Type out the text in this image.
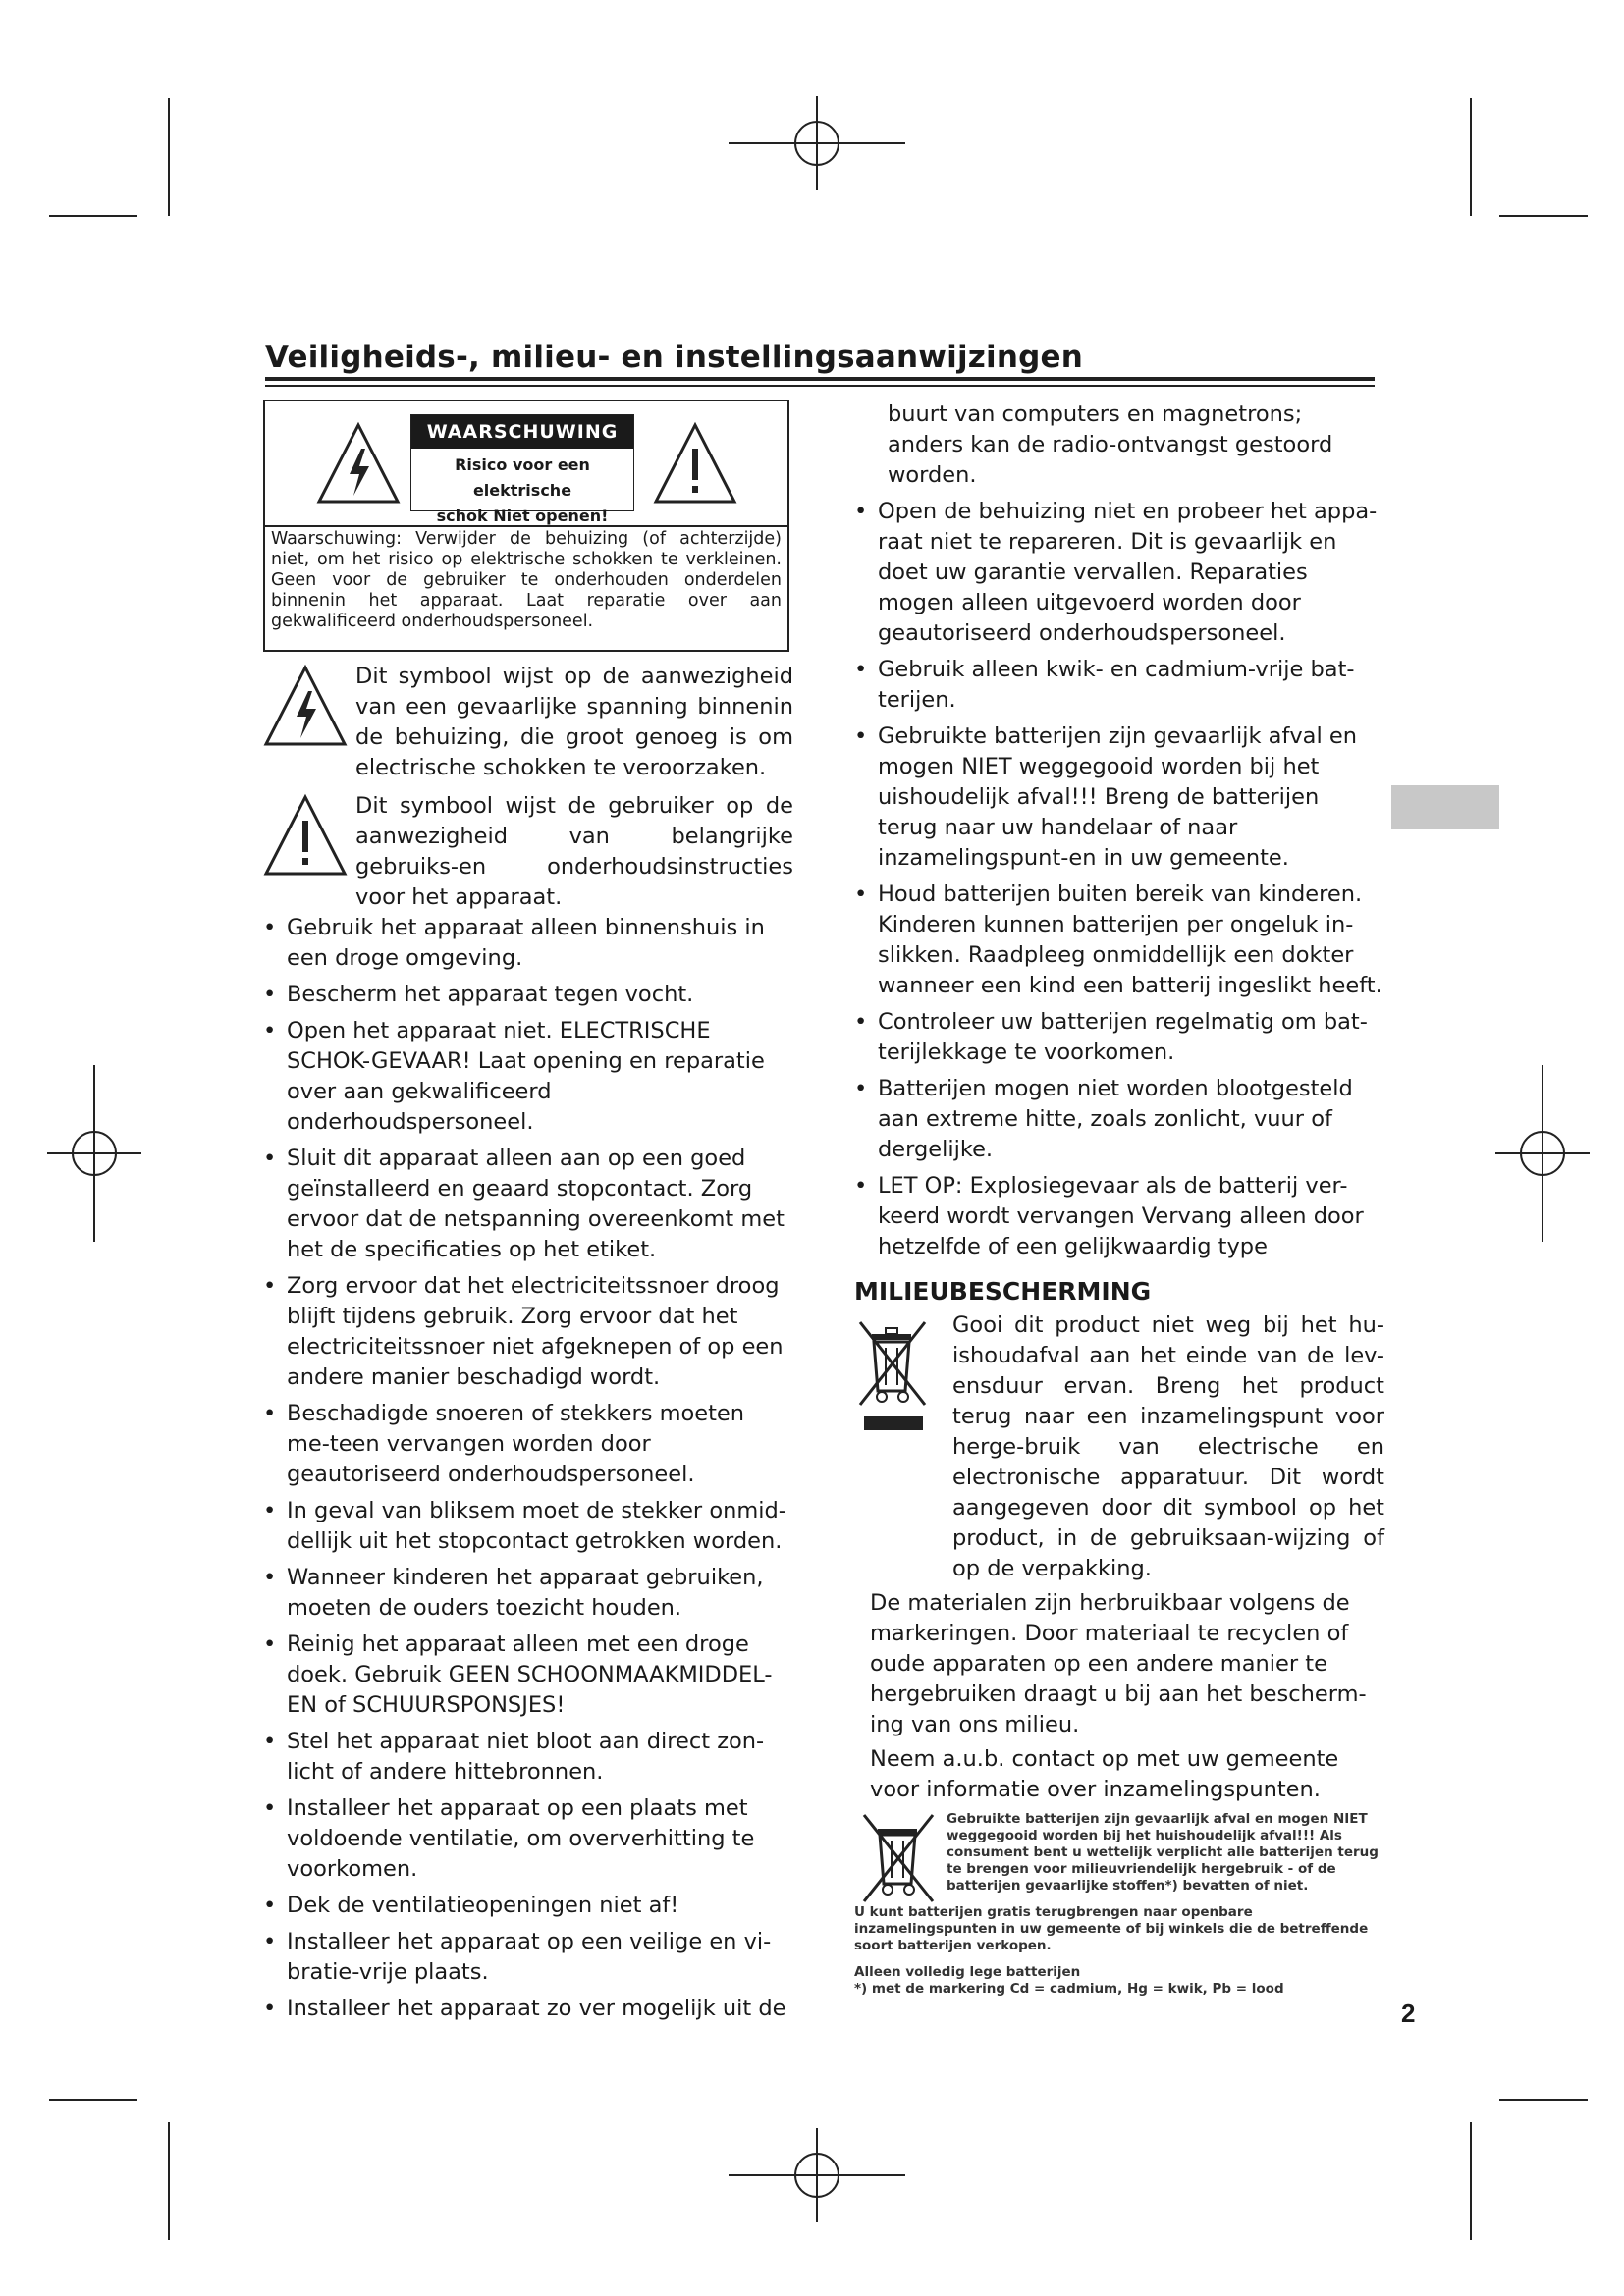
Veiligheids-, milieu- en instellingsaanwijzingen
WAARSCHUWING
Risico voor een elektrische
schok Niet openen!
Waarschuwing: Verwijder de behuizing (of achterzijde) niet, om het risico op elektrische schokken te verkleinen. Geen voor de gebruiker te onderhouden onderdelen binnenin het apparaat. Laat reparatie over aan gekwalificeerd onderhoudspersoneel.
Dit symbool wijst op de aanwezigheid van een gevaarlijke spanning binnenin de behuizing, die groot genoeg is om electrische schokken te veroorzaken.
Dit symbool wijst de gebruiker op de aanwezigheid van belangrijke gebruiks-en onderhoudsinstructies voor het apparaat.
• Gebruik het apparaat alleen binnenshuis in een droge omgeving.
• Bescherm het apparaat tegen vocht.
• Open het apparaat niet. ELECTRISCHE SCHOK-GEVAAR! Laat opening en reparatie over aan gekwalificeerd onderhoudspersoneel.
• Sluit dit apparaat alleen aan op een goed geïnstalleerd en geaard stopcontact. Zorg ervoor dat de netspanning overeenkomt met het de specificaties op het etiket.
• Zorg ervoor dat het electriciteitssnoer droog blijft tijdens gebruik. Zorg ervoor dat het electriciteitssnoer niet afgeknepen of op een andere manier beschadigd wordt.
• Beschadigde snoeren of stekkers moeten me-teen vervangen worden door geautoriseerd onderhoudspersoneel.
• In geval van bliksem moet de stekker onmid-dellijk uit het stopcontact getrokken worden.
• Wanneer kinderen het apparaat gebruiken, moeten de ouders toezicht houden.
• Reinig het apparaat alleen met een droge doek. Gebruik GEEN SCHOONMAAKMIDDEL-EN of SCHUURSPONSJES!
• Stel het apparaat niet bloot aan direct zon-licht of andere hittebronnen.
• Installeer het apparaat op een plaats met voldoende ventilatie, om oververhitting te voorkomen.
• Dek de ventilatieopeningen niet af!
• Installeer het apparaat op een veilige en vi-bratie-vrije plaats.
• Installeer het apparaat zo ver mogelijk uit de
buurt van computers en magnetrons; anders kan de radio-ontvangst gestoord worden.
• Open de behuizing niet en probeer het appa-raat niet te repareren. Dit is gevaarlijk en doet uw garantie vervallen. Reparaties mogen alleen uitgevoerd worden door geautoriseerd onderhoudspersoneel.
• Gebruik alleen kwik- en cadmium-vrije bat-terijen.
• Gebruikte batterijen zijn gevaarlijk afval en mogen NIET weggegooid worden bij het uishoudelijk afval!!! Breng de batterijen terug naar uw handelaar of naar inzamelingspunt-en in uw gemeente.
• Houd batterijen buiten bereik van kinderen. Kinderen kunnen batterijen per ongeluk in-slikken. Raadpleeg onmiddellijk een dokter wanneer een kind een batterij ingeslikt heeft.
• Controleer uw batterijen regelmatig om bat-terijlekkage te voorkomen.
• Batterijen mogen niet worden blootgesteld aan extreme hitte, zoals zonlicht, vuur of dergelijke.
• LET OP: Explosiegevaar als de batterij ver-keerd wordt vervangen Vervang alleen door hetzelfde of een gelijkwaardig type
MILIEUBESCHERMING
Gooi dit product niet weg bij het hu-ishoudafval aan het einde van de lev-ensduur ervan. Breng het product terug naar een inzamelingspunt voor herge-bruik van electrische en electronische apparatuur. Dit wordt aangegeven door dit symbool op het product, in de gebruiksaan-wijzing of op de verpakking.
De materialen zijn herbruikbaar volgens de markeringen. Door materiaal te recyclen of oude apparaten op een andere manier te hergebruiken draagt u bij aan het bescherm-ing van ons milieu.
Neem a.u.b. contact op met uw gemeente voor informatie over inzamelingspunten.
Gebruikte batterijen zijn gevaarlijk afval en mogen NIET weggegooid worden bij het huishoudelijk afval!!! Als consument bent u wettelijk verplicht alle batterijen terug te brengen voor milieuvriendelijk hergebruik - of de batterijen gevaarlijke stoffen*) bevatten of niet.
U kunt batterijen gratis terugbrengen naar openbare inzamelingspunten in uw gemeente of bij winkels die de betreffende soort batterijen verkopen.
Alleen volledig lege batterijen
*) met de markering Cd = cadmium, Hg = kwik, Pb = lood
2
